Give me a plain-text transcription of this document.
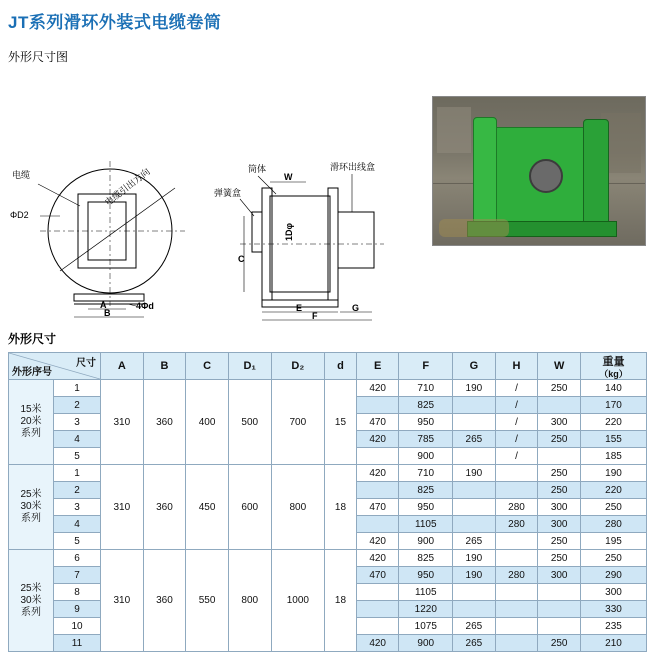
JT系列滑环外装式电缆卷筒
外形尺寸图
电缆
ΦD2
电缆引出方向
A
B
4Φd
筒体
弹簧盒
滑环出线盒
W
1Dφ
C
E	G
F
外形尺寸
尺寸
外形序号		A	B	C	D₁	D₂	d	E	F	G	H	W	重量
（kg）

15米
20米
系列	1	310	360	400	500	700	15	420	710	190	/	250	140
	2								825		/		170
	3							470	950		/	300	220
	4							420	785	265	/	250	155
	5								900		/		185

25米
30米
系列	1	310	360	450	600	800	18	420	710	190		250	190
	2								825			250	220
	3							470	950		280	300	250
	4								1105		280	300	280
	5							420	900	265		250	195

25米
30米
系列	6	310	360	550	800	1000	18	420	825	190		250	250
	7							470	950	190	280	300	290
	8								1105				300
	9								1220				330
	10								1075	265			235
	11							420	900	265		250	210
